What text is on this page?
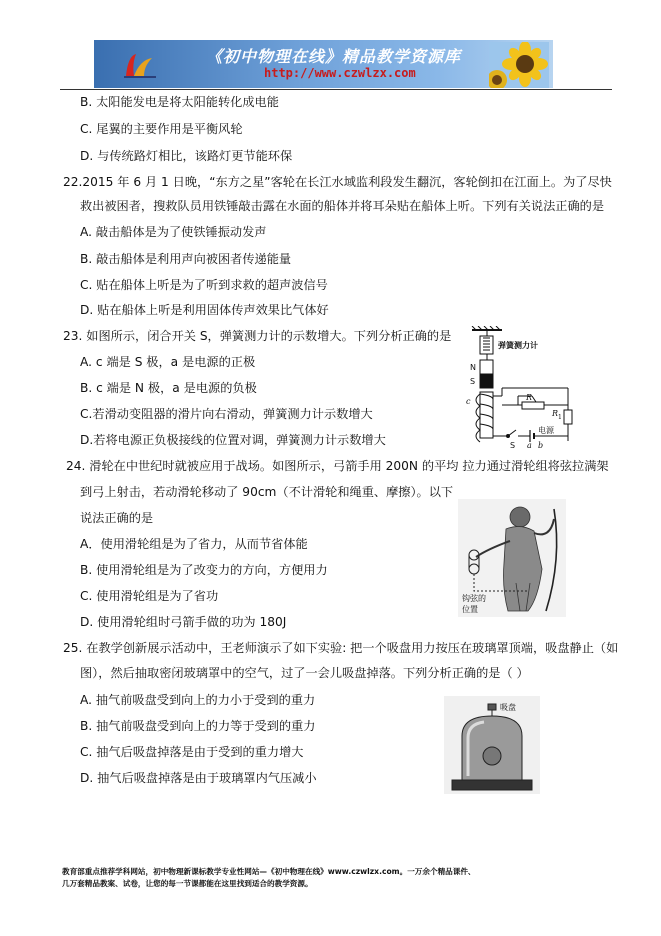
《初中物理在线》精品教学资源库
http://www.czwlzx.com
B. 太阳能发电是将太阳能转化成电能
C. 尾翼的主要作用是平衡风轮
D. 与传统路灯相比，该路灯更节能环保
22.2015 年 6 月 1 日晚，“东方之星”客轮在长江水域监利段发生翻沉，客轮倒扣在江面上。为了尽快
救出被困者，搜救队员用铁锤敲击露在水面的船体并将耳朵贴在船体上听。下列有关说法正确的是
A. 敲击船体是为了使铁锤振动发声
B. 敲击船体是利用声向被困者传递能量
C. 贴在船体上听是为了听到求救的超声波信号
D. 贴在船体上听是利用固体传声效果比气体好
23. 如图所示，闭合开关 S，弹簧测力计的示数增大。下列分析正确的是
A. c 端是 S 极，a 是电源的正极
B. c 端是 N 极，a 是电源的负极
C.若滑动变阻器的滑片向右滑动，弹簧测力计示数增大
D.若将电源正负极接线的位置对调，弹簧测力计示数增大
弹簧测力计
N
S
c	R
R 1
电源
S a b
24. 滑轮在中世纪时就被应用于战场。如图所示，弓箭手用 200N 的平均 拉力通过滑轮组将弦拉满架
到弓上射击，若动滑轮移动了 90cm（不计滑轮和绳重、摩擦）。以下
说法正确的是
A．使用滑轮组是为了省力，从而节省体能
B. 使用滑轮组是为了改变力的方向，方便用力
C. 使用滑轮组是为了省功
D. 使用滑轮组时弓箭手做的功为 180J
钩弦的
位置
25. 在教学创新展示活动中，王老师演示了如下实验: 把一个吸盘用力按压在玻璃罩顶端，吸盘静止（如
图），然后抽取密闭玻璃罩中的空气，过了一会儿吸盘掉落。下列分析正确的是（ ）
A. 抽气前吸盘受到向上的力小于受到的重力
B. 抽气前吸盘受到向上的力等于受到的重力
C. 抽气后吸盘掉落是由于受到的重力增大
D. 抽气后吸盘掉落是由于玻璃罩内气压减小
吸盘
教育部重点推荐学科网站，初中物理新课标教学专业性网站—《初中物理在线》www.czwlzx.com。一万余个精品课件、
几万套精品教案、试卷，让您的每一节课都能在这里找到适合的教学资源。
